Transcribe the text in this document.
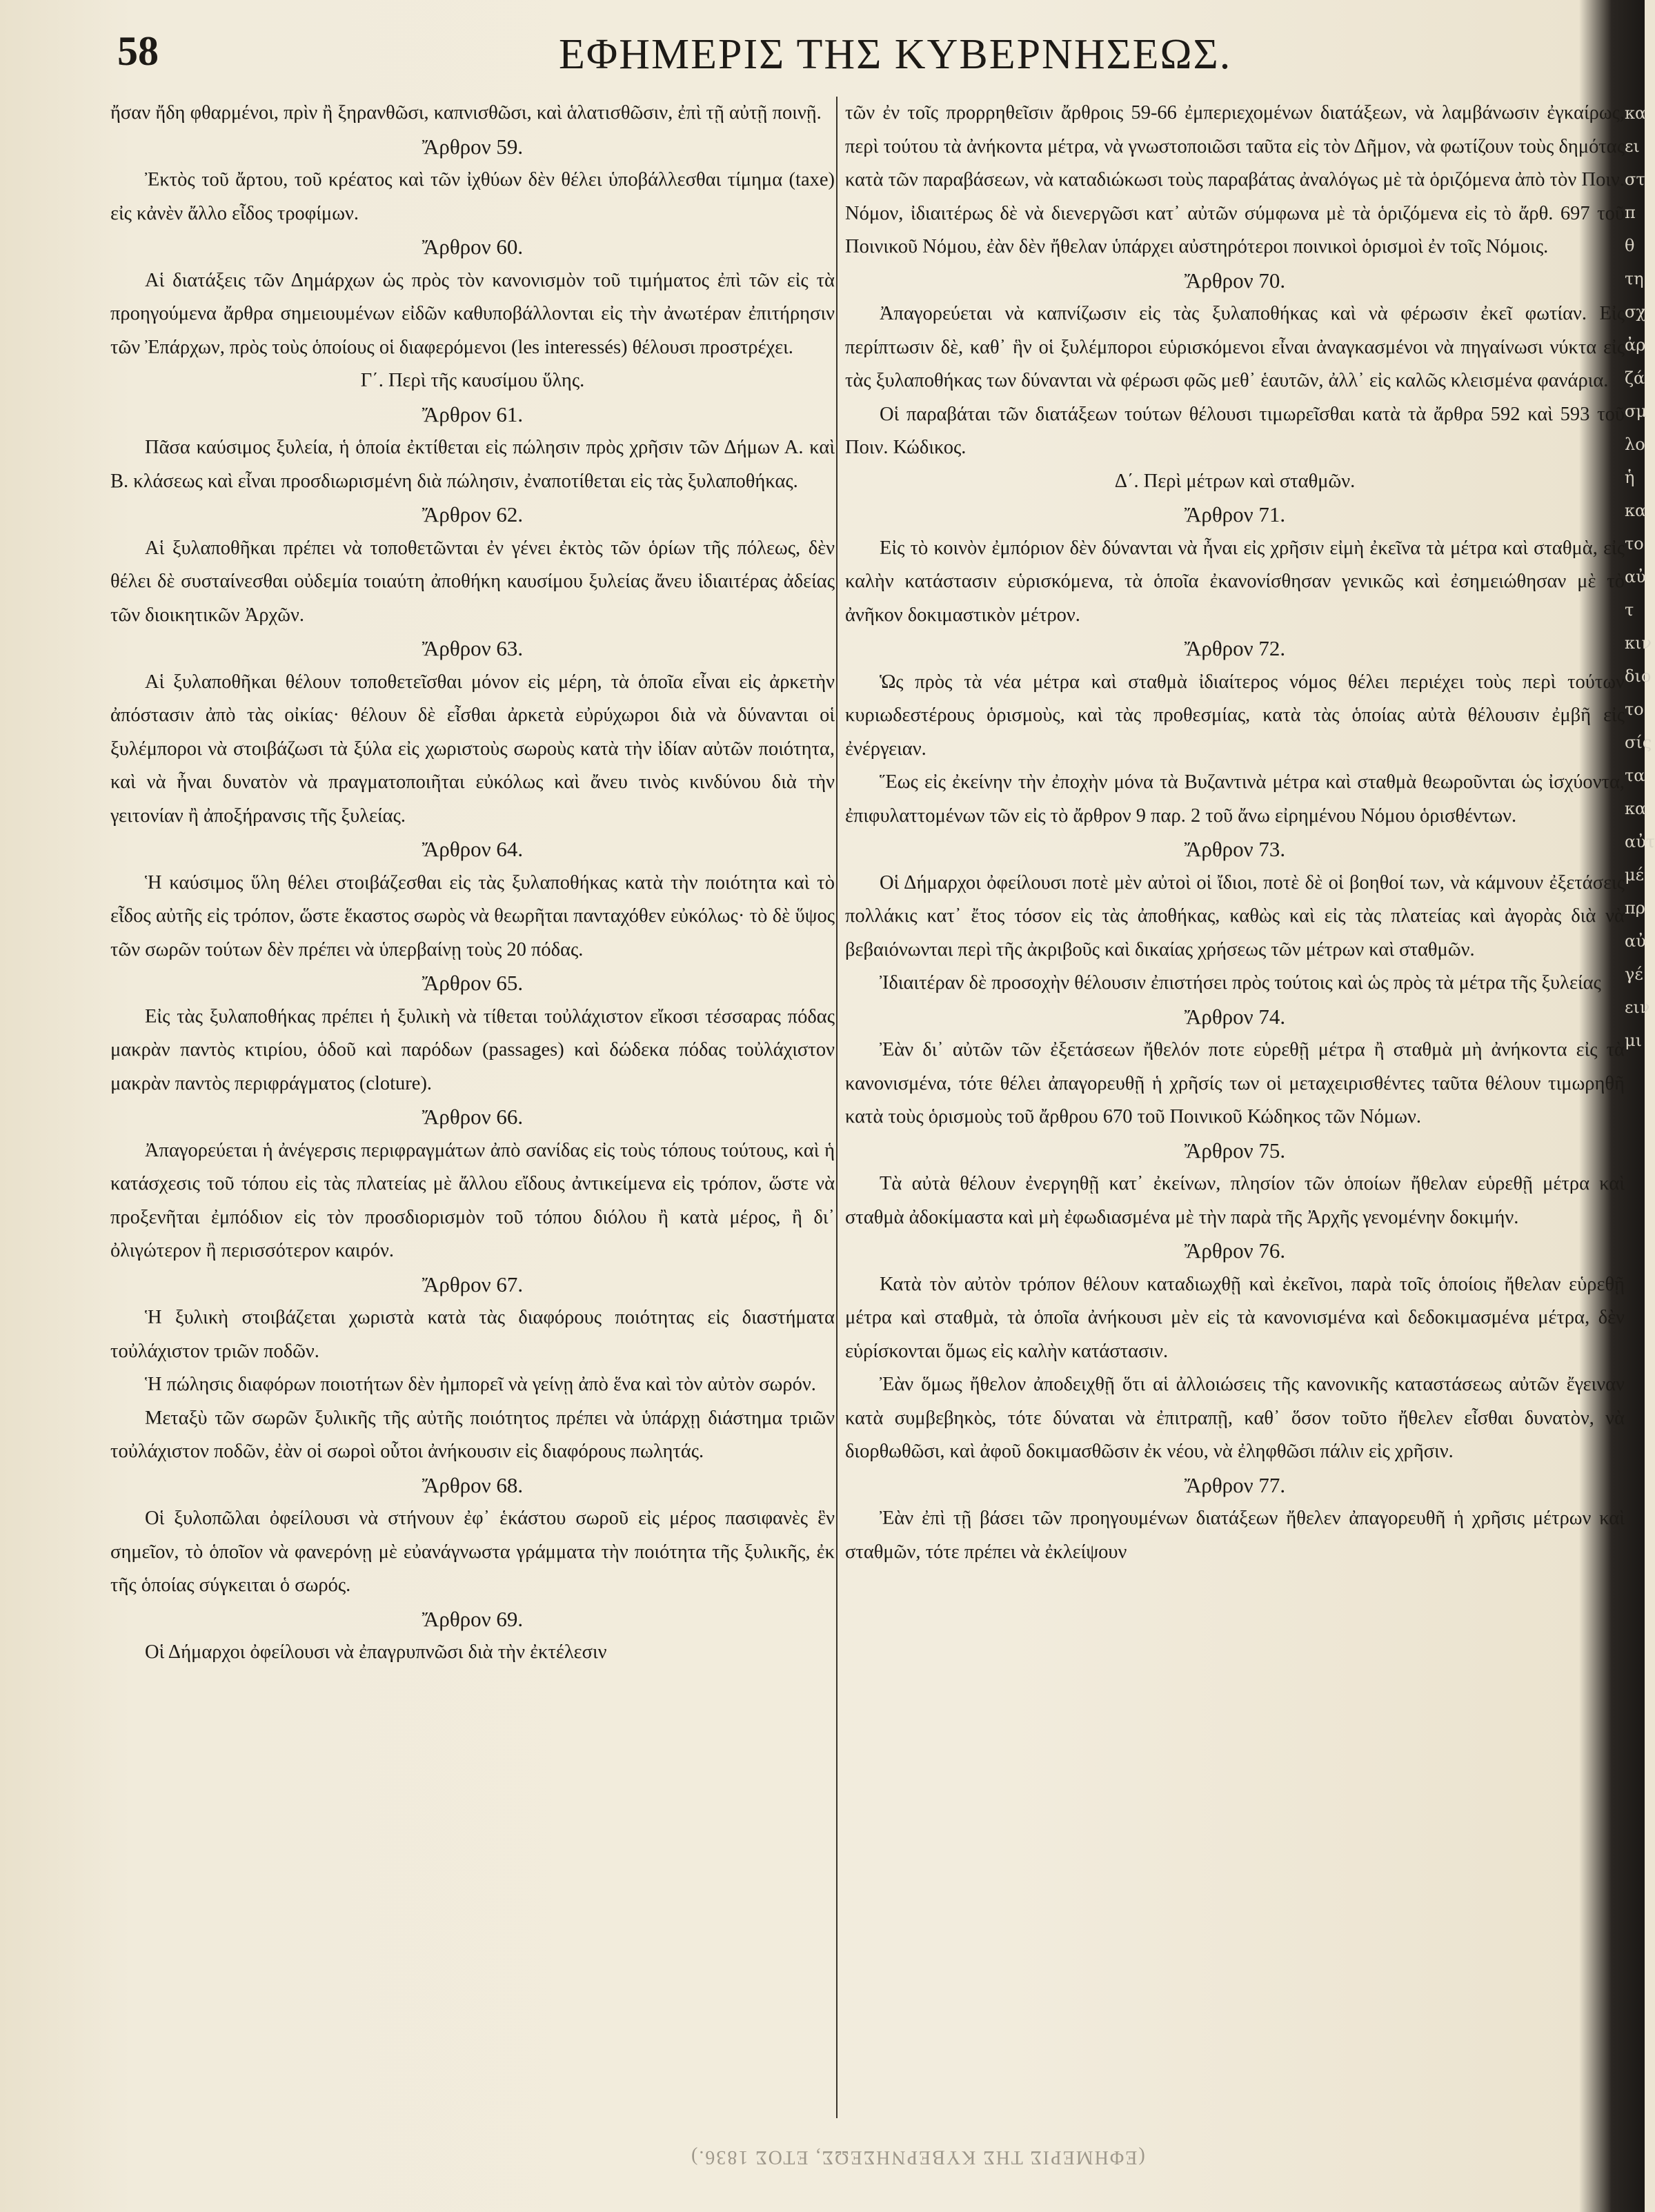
58	ΕΦΗΜΕΡΙΣ ΤΗΣ ΚΥΒΕΡΝΗΣΕΩΣ.

ἤσαν ἤδη φθαρμένοι, πρὶν ἢ ξηρανθῶσι, καπνισθῶσι, καὶ ἁλατισθῶσιν, ἐπὶ τῇ αὐτῇ ποινῇ.

Ἄρθρον 59.

Ἐκτὸς τοῦ ἄρτου, τοῦ κρέατος καὶ τῶν ἰχθύων δὲν θέλει ὑποβάλλεσθαι τίμημα (taxe) εἰς κἀνὲν ἄλλο εἶδος τροφίμων.

Ἄρθρον 60.

Αἱ διατάξεις τῶν Δημάρχων ὡς πρὸς τὸν κανονισμὸν τοῦ τιμήματος ἐπὶ τῶν εἰς τὰ προηγούμενα ἄρθρα σημειουμένων εἰδῶν καθυποβάλλονται εἰς τὴν ἀνωτέραν ἐπιτήρησιν τῶν Ἐπάρχων, πρὸς τοὺς ὁποίους οἱ διαφερόμενοι (les interessés) θέλουσι προστρέχει.

Γ΄. Περὶ τῆς καυσίμου ὕλης.

Ἄρθρον 61.

Πᾶσα καύσιμος ξυλεία, ἡ ὁποία ἐκτίθεται εἰς πώλησιν πρὸς χρῆσιν τῶν Δήμων Α. καὶ Β. κλάσεως καὶ εἶναι προσδιωρισμένη διὰ πώλησιν, ἐναποτίθεται εἰς τὰς ξυλαποθήκας.

Ἄρθρον 62.

Αἱ ξυλαποθῆκαι πρέπει νὰ τοποθετῶνται ἐν γένει ἐκτὸς τῶν ὁρίων τῆς πόλεως, δὲν θέλει δὲ συσταίνεσθαι οὐδεμία τοιαύτη ἀποθήκη καυσίμου ξυλείας ἄνευ ἰδιαιτέρας ἀδείας τῶν διοικητικῶν Ἀρχῶν.

Ἄρθρον 63.

Αἱ ξυλαποθῆκαι θέλουν τοποθετεῖσθαι μόνον εἰς μέρη, τὰ ὁποῖα εἶναι εἰς ἀρκετὴν ἀπόστασιν ἀπὸ τὰς οἰκίας· θέλουν δὲ εἶσθαι ἀρκετὰ εὐρύχωροι διὰ νὰ δύνανται οἱ ξυλέμποροι νὰ στοιβάζωσι τὰ ξύλα εἰς χωριστοὺς σωροὺς κατὰ τὴν ἰδίαν αὐτῶν ποιότητα, καὶ νὰ ἦναι δυνατὸν νὰ πραγματοποιῆται εὐκόλως καὶ ἄνευ τινὸς κινδύνου διὰ τὴν γειτονίαν ἢ ἀποξήρανσις τῆς ξυλείας.

Ἄρθρον 64.

Ἡ καύσιμος ὕλη θέλει στοιβάζεσθαι εἰς τὰς ξυλαποθήκας κατὰ τὴν ποιότητα καὶ τὸ εἶδος αὐτῆς εἰς τρόπον, ὥστε ἕκαστος σωρὸς νὰ θεωρῆται πανταχόθεν εὐκόλως· τὸ δὲ ὕψος τῶν σωρῶν τούτων δὲν πρέπει νὰ ὑπερβαίνῃ τοὺς 20 πόδας.

Ἄρθρον 65.

Εἰς τὰς ξυλαποθήκας πρέπει ἡ ξυλικὴ νὰ τίθεται τοὐλάχιστον εἴκοσι τέσσαρας πόδας μακρὰν παντὸς κτιρίου, ὁδοῦ καὶ παρόδων (passages) καὶ δώδεκα πόδας τοὐλάχιστον μακρὰν παντὸς περιφράγματος (cloture).

Ἄρθρον 66.

Ἀπαγορεύεται ἡ ἀνέγερσις περιφραγμάτων ἀπὸ σανίδας εἰς τοὺς τόπους τούτους, καὶ ἡ κατάσχεσις τοῦ τόπου εἰς τὰς πλατείας μὲ ἄλλου εἴδους ἀντικείμενα εἰς τρόπον, ὥστε νὰ προξενῆται ἐμπόδιον εἰς τὸν προσδιορισμὸν τοῦ τόπου διόλου ἢ κατὰ μέρος, ἢ δι᾽ ὀλιγώτερον ἢ περισσότερον καιρόν.

Ἄρθρον 67.

Ἡ ξυλικὴ στοιβάζεται χωριστὰ κατὰ τὰς διαφόρους ποιότητας εἰς διαστήματα τοὐλάχιστον τριῶν ποδῶν.

Ἡ πώλησις διαφόρων ποιοτήτων δὲν ἠμπορεῖ νὰ γείνῃ ἀπὸ ἕνα καὶ τὸν αὐτὸν σωρόν.

Μεταξὺ τῶν σωρῶν ξυλικῆς τῆς αὐτῆς ποιότητος πρέπει νὰ ὑπάρχῃ διάστημα τριῶν τοὐλάχιστον ποδῶν, ἐὰν οἱ σωροὶ οὗτοι ἀνήκουσιν εἰς διαφόρους πωλητάς.

Ἄρθρον 68.

Οἱ ξυλοπῶλαι ὀφείλουσι νὰ στήνουν ἐφ᾽ ἑκάστου σωροῦ εἰς μέρος πασιφανὲς ἓν σημεῖον, τὸ ὁποῖον νὰ φανερόνῃ μὲ εὐανάγνωστα γράμματα τὴν ποιότητα τῆς ξυλικῆς, ἐκ τῆς ὁποίας σύγκειται ὁ σωρός.

Ἄρθρον 69.

Οἱ Δήμαρχοι ὀφείλουσι νὰ ἐπαγρυπνῶσι διὰ τὴν ἐκτέλεσιν

τῶν ἐν τοῖς προρρηθεῖσιν ἄρθροις 59-66 ἐμπεριεχομένων διατάξεων, νὰ λαμβάνωσιν ἐγκαίρως, περὶ τούτου τὰ ἀνήκοντα μέτρα, νὰ γνωστοποιῶσι ταῦτα εἰς τὸν Δῆμον, νὰ φωτίζουν τοὺς δημότας κατὰ τῶν παραβάσεων, νὰ καταδιώκωσι τοὺς παραβάτας ἀναλόγως μὲ τὰ ὁριζόμενα ἀπὸ τὸν Ποιν. Νόμον, ἰδιαιτέρως δὲ νὰ διενεργῶσι κατ᾽ αὐτῶν σύμφωνα μὲ τὰ ὁριζόμενα εἰς τὸ ἄρθ. 697 τοῦ Ποινικοῦ Νόμου, ἐὰν δὲν ἤθελαν ὑπάρχει αὐστηρότεροι ποινικοὶ ὁρισμοὶ ἐν τοῖς Νόμοις.

Ἄρθρον 70.

Ἀπαγορεύεται νὰ καπνίζωσιν εἰς τὰς ξυλαποθήκας καὶ νὰ φέρωσιν ἐκεῖ φωτίαν. Εἰς περίπτωσιν δὲ, καθ᾽ ἣν οἱ ξυλέμποροι εὑρισκόμενοι εἶναι ἀναγκασμένοι νὰ πηγαίνωσι νύκτα εἰς τὰς ξυλαποθήκας των δύνανται νὰ φέρωσι φῶς μεθ᾽ ἑαυτῶν, ἀλλ᾽ εἰς καλῶς κλεισμένα φανάρια.

Οἱ παραβάται τῶν διατάξεων τούτων θέλουσι τιμωρεῖσθαι κατὰ τὰ ἄρθρα 592 καὶ 593 τοῦ Ποιν. Κώδικος.

Δ΄. Περὶ μέτρων καὶ σταθμῶν.

Ἄρθρον 71.

Εἰς τὸ κοινὸν ἐμπόριον δὲν δύνανται νὰ ἦναι εἰς χρῆσιν εἰμὴ ἐκεῖνα τὰ μέτρα καὶ σταθμὰ, εἰς καλὴν κατάστασιν εὑρισκόμενα, τὰ ὁποῖα ἐκανονίσθησαν γενικῶς καὶ ἐσημειώθησαν μὲ τὸ ἀνῆκον δοκιμαστικὸν μέτρον.

Ἄρθρον 72.

Ὡς πρὸς τὰ νέα μέτρα καὶ σταθμὰ ἰδιαίτερος νόμος θέλει περιέχει τοὺς περὶ τούτων κυριωδεστέρους ὁρισμοὺς, καὶ τὰς προθεσμίας, κατὰ τὰς ὁποίας αὐτὰ θέλουσιν ἐμβῆ εἰς ἐνέργειαν.

Ἕως εἰς ἐκείνην τὴν ἐποχὴν μόνα τὰ Βυζαντινὰ μέτρα καὶ σταθμὰ θεωροῦνται ὡς ἰσχύοντα, ἐπιφυλαττομένων τῶν εἰς τὸ ἄρθρον 9 παρ. 2 τοῦ ἄνω εἰρημένου Νόμου ὁρισθέντων.

Ἄρθρον 73.

Οἱ Δήμαρχοι ὀφείλουσι ποτὲ μὲν αὐτοὶ οἱ ἴδιοι, ποτὲ δὲ οἱ βοηθοί των, νὰ κάμνουν ἐξετάσεις πολλάκις κατ᾽ ἔτος τόσον εἰς τὰς ἀποθήκας, καθὼς καὶ εἰς τὰς πλατείας καὶ ἀγορὰς διὰ νὰ βεβαιόνωνται περὶ τῆς ἀκριβοῦς καὶ δικαίας χρήσεως τῶν μέτρων καὶ σταθμῶν.

Ἰδιαιτέραν δὲ προσοχὴν θέλουσιν ἐπιστήσει πρὸς τούτοις καὶ ὡς πρὸς τὰ μέτρα τῆς ξυλείας

Ἄρθρον 74.

Ἐὰν δι᾽ αὐτῶν τῶν ἐξετάσεων ἤθελόν ποτε εὑρεθῇ μέτρα ἢ σταθμὰ μὴ ἀνήκοντα εἰς τὰ κανονισμένα, τότε θέλει ἀπαγορευθῇ ἡ χρῆσίς των οἱ μεταχειρισθέντες ταῦτα θέλουν τιμωρηθῆ κατὰ τοὺς ὁρισμοὺς τοῦ ἄρθρου 670 τοῦ Ποινικοῦ Κώδηκος τῶν Νόμων.

Ἄρθρον 75.

Τὰ αὐτὰ θέλουν ἐνεργηθῇ κατ᾽ ἐκείνων, πλησίον τῶν ὁποίων ἤθελαν εὑρεθῇ μέτρα καὶ σταθμὰ ἀδοκίμαστα καὶ μὴ ἐφωδιασμένα μὲ τὴν παρὰ τῆς Ἀρχῆς γενομένην δοκιμήν.

Ἄρθρον 76.

Κατὰ τὸν αὐτὸν τρόπον θέλουν καταδιωχθῇ καὶ ἐκεῖνοι, παρὰ τοῖς ὁποίοις ἤθελαν εὑρεθῇ μέτρα καὶ σταθμὰ, τὰ ὁποῖα ἀνήκουσι μὲν εἰς τὰ κανονισμένα καὶ δεδοκιμασμένα μέτρα, δὲν εὑρίσκονται ὅμως εἰς καλὴν κατάστασιν.

Ἐὰν ὅμως ἤθελον ἀποδειχθῇ ὅτι αἱ ἀλλοιώσεις τῆς κανονικῆς καταστάσεως αὐτῶν ἔγειναν κατὰ συμβεβηκὸς, τότε δύναται νὰ ἐπιτραπῇ, καθ᾽ ὅσον τοῦτο ἤθελεν εἶσθαι δυνατὸν, νὰ διορθωθῶσι, καὶ ἀφοῦ δοκιμασθῶσιν ἐκ νέου, νὰ ἐληφθῶσι πάλιν εἰς χρῆσιν.

Ἄρθρον 77.

Ἐὰν ἐπὶ τῇ βάσει τῶν προηγουμένων διατάξεων ἤθελεν ἀπαγορευθῆ ἡ χρῆσις μέτρων καὶ σταθμῶν, τότε πρέπει νὰ ἐκλείψουν

κα
ει
στ
π
θ
τη
σχ
ἀρ
ζά
σμ
λο
ἡ
κα
το
αὐ
τ
κιν
διο
το
σίς
τα
κα
αὐτ
μέ
πρ
αὐ
γέ
ειν
μι
(ΕΦΗΜΕΡΙΣ ΤΗΣ ΚΥΒΕΡΝΗΣΕΩΣ, ΕΤΟΣ 1836.)
